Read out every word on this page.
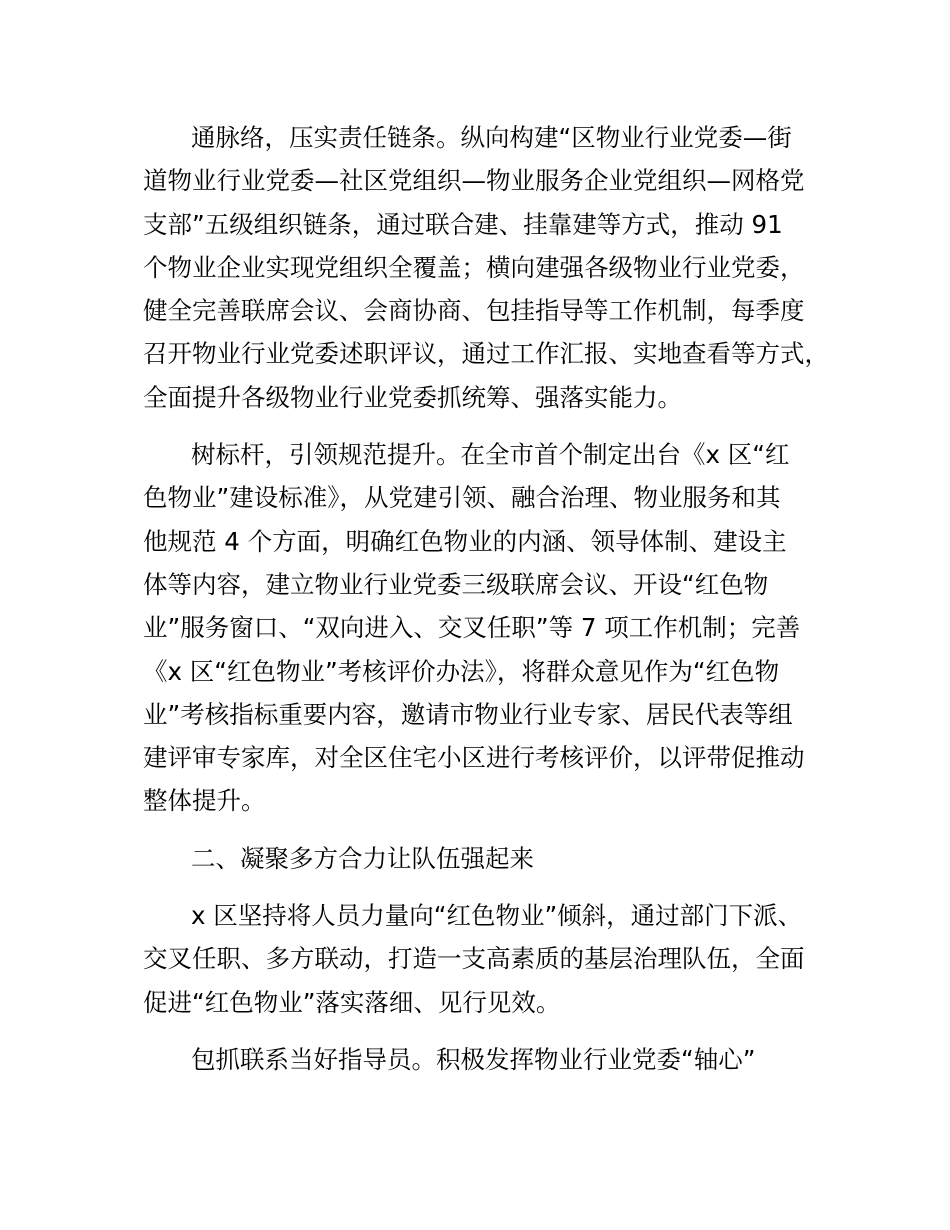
通脉络，压实责任链条。纵向构建“区物业行业党委—街
道物业行业党委—社区党组织—物业服务企业党组织—网格党
支部”五级组织链条，通过联合建、挂靠建等方式，推动 91
个物业企业实现党组织全覆盖；横向建强各级物业行业党委，
健全完善联席会议、会商协商、包挂指导等工作机制，每季度
召开物业行业党委述职评议，通过工作汇报、实地查看等方式，
全面提升各级物业行业党委抓统筹、强落实能力。
树标杆，引领规范提升。在全市首个制定出台《x 区“红
色物业”建设标准》，从党建引领、融合治理、物业服务和其
他规范 4 个方面，明确红色物业的内涵、领导体制、建设主
体等内容，建立物业行业党委三级联席会议、开设“红色物
业”服务窗口、“双向进入、交叉任职”等 7 项工作机制；完善
《x 区“红色物业”考核评价办法》，将群众意见作为“红色物
业”考核指标重要内容，邀请市物业行业专家、居民代表等组
建评审专家库，对全区住宅小区进行考核评价，以评带促推动
整体提升。
二、凝聚多方合力让队伍强起来
x 区坚持将人员力量向“红色物业”倾斜，通过部门下派、
交叉任职、多方联动，打造一支高素质的基层治理队伍，全面
促进“红色物业”落实落细、见行见效。
包抓联系当好指导员。积极发挥物业行业党委“轴心”
